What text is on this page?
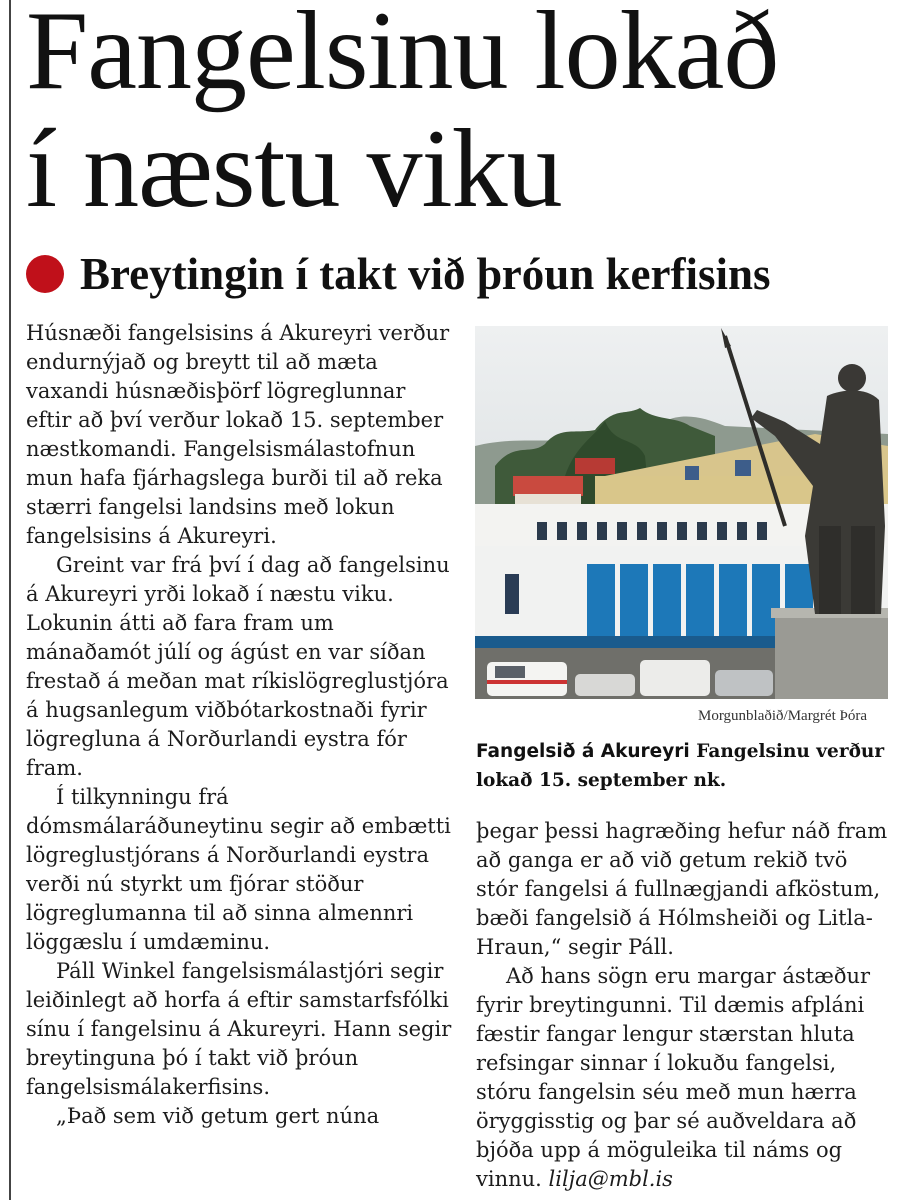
Fangelsinu lokað
í næstu viku
Breytingin í takt við þróun kerfisins

Húsnæði fangelsisins á Akureyri verður endurnýjað og breytt til að mæta vaxandi húsnæðisþörf lögreglunnar eftir að því verður lokað 15. september næstkomandi. Fangelsismálastofnun mun hafa fjárhagslega burði til að reka stærri fangelsi landsins með lokun fangelsisins á Akureyri.

Greint var frá því í dag að fangelsinu á Akureyri yrði lokað í næstu viku. Lokunin átti að fara fram um mánaðamót júlí og ágúst en var síðan frestað á meðan mat ríkislögreglustjóra á hugsanlegum viðbótarkostnaði fyrir lögregluna á Norðurlandi eystra fór fram.

Í tilkynningu frá dómsmálaráðuneytinu segir að embætti lögreglustjórans á Norðurlandi eystra verði nú styrkt um fjórar stöður lögreglumanna til að sinna almennri löggæslu í umdæminu.

Páll Winkel fangelsismálastjóri segir leiðinlegt að horfa á eftir samstarfsfólki sínu í fangelsinu á Akureyri. Hann segir breytinguna þó í takt við þróun fangelsismálakerfisins.

„Það sem við getum gert núna

Morgunblaðið/Margrét Þóra
Fangelsið á Akureyri Fangelsinu verður lokað 15. september nk.

þegar þessi hagræðing hefur náð fram að ganga er að við getum rekið tvö stór fangelsi á fullnægjandi afköstum, bæði fangelsið á Hólmsheiði og Litla-Hraun,“ segir Páll.

Að hans sögn eru margar ástæður fyrir breytingunni. Til dæmis afpláni fæstir fangar lengur stærstan hluta refsingar sinnar í lokuðu fangelsi, stóru fangelsin séu með mun hærra öryggisstig og þar sé auðveldara að bjóða upp á möguleika til náms og vinnu. lilja@mbl.is
